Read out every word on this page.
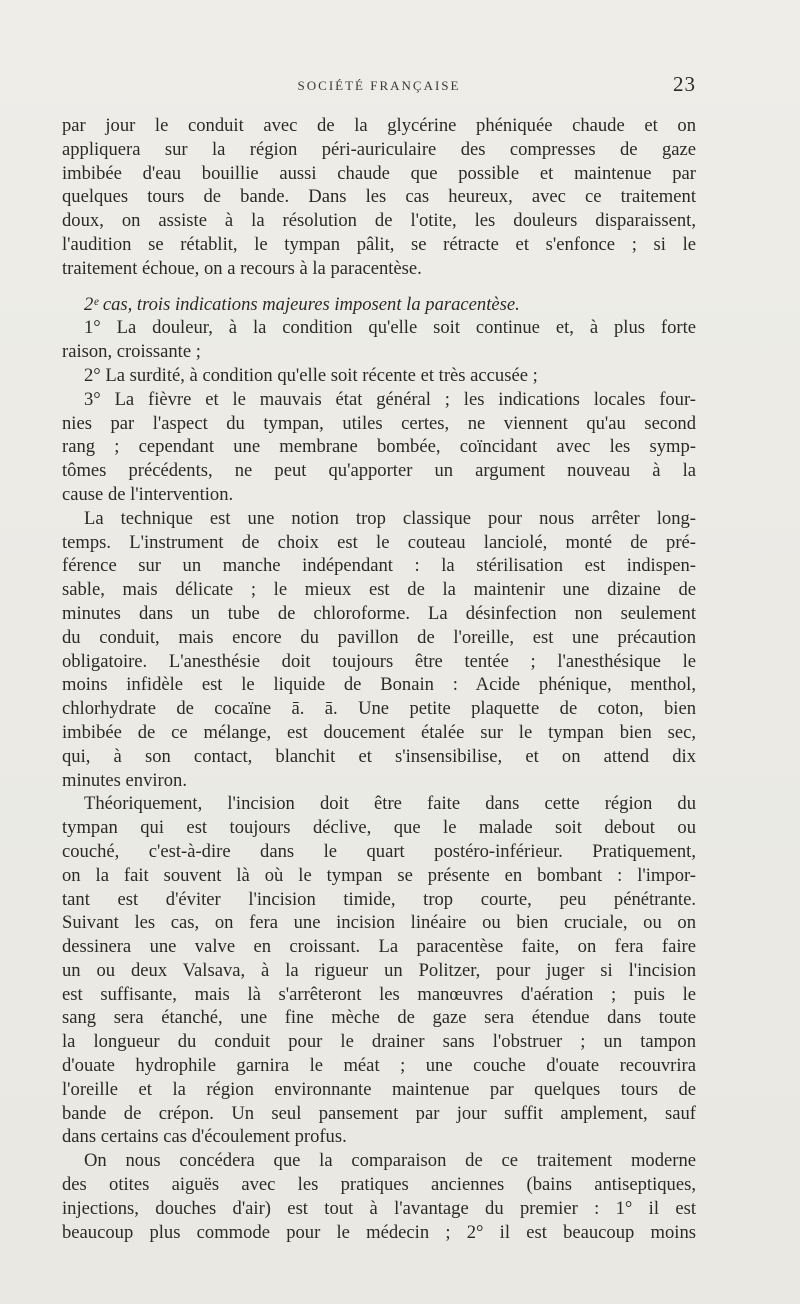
SOCIÉTÉ FRANÇAISE	23

par jour le conduit avec de la glycérine phéniquée chaude et on
appliquera sur la région péri-auriculaire des compresses de gaze
imbibée d'eau bouillie aussi chaude que possible et maintenue par
quelques tours de bande. Dans les cas heureux, avec ce traitement
doux, on assiste à la résolution de l'otite, les douleurs disparaissent,
l'audition se rétablit, le tympan pâlit, se rétracte et s'enfonce ; si le
traitement échoue, on a recours à la paracentèse.

2ᵉ cas, trois indications majeures imposent la paracentèse.

1° La douleur, à la condition qu'elle soit continue et, à plus forte
raison, croissante ;

2° La surdité, à condition qu'elle soit récente et très accusée ;

3° La fièvre et le mauvais état général ; les indications locales four-
nies par l'aspect du tympan, utiles certes, ne viennent qu'au second
rang ; cependant une membrane bombée, coïncidant avec les symp-
tômes précédents, ne peut qu'apporter un argument nouveau à la
cause de l'intervention.

La technique est une notion trop classique pour nous arrêter long-
temps. L'instrument de choix est le couteau lanciolé, monté de pré-
férence sur un manche indépendant : la stérilisation est indispen-
sable, mais délicate ; le mieux est de la maintenir une dizaine de
minutes dans un tube de chloroforme. La désinfection non seulement
du conduit, mais encore du pavillon de l'oreille, est une précaution
obligatoire. L'anesthésie doit toujours être tentée ; l'anesthésique le
moins infidèle est le liquide de Bonain : Acide phénique, menthol,
chlorhydrate de cocaïne ā. ā. Une petite plaquette de coton, bien
imbibée de ce mélange, est doucement étalée sur le tympan bien sec,
qui, à son contact, blanchit et s'insensibilise, et on attend dix
minutes environ.

Théoriquement, l'incision doit être faite dans cette région du
tympan qui est toujours déclive, que le malade soit debout ou
couché, c'est-à-dire dans le quart postéro-inférieur. Pratiquement,
on la fait souvent là où le tympan se présente en bombant : l'impor-
tant est d'éviter l'incision timide, trop courte, peu pénétrante.
Suivant les cas, on fera une incision linéaire ou bien cruciale, ou on
dessinera une valve en croissant. La paracentèse faite, on fera faire
un ou deux Valsava, à la rigueur un Politzer, pour juger si l'incision
est suffisante, mais là s'arrêteront les manœuvres d'aération ; puis le
sang sera étanché, une fine mèche de gaze sera étendue dans toute
la longueur du conduit pour le drainer sans l'obstruer ; un tampon
d'ouate hydrophile garnira le méat ; une couche d'ouate recouvrira
l'oreille et la région environnante maintenue par quelques tours de
bande de crépon. Un seul pansement par jour suffit amplement, sauf
dans certains cas d'écoulement profus.

On nous concédera que la comparaison de ce traitement moderne
des otites aiguës avec les pratiques anciennes (bains antiseptiques,
injections, douches d'air) est tout à l'avantage du premier : 1° il est
beaucoup plus commode pour le médecin ; 2° il est beaucoup moins
